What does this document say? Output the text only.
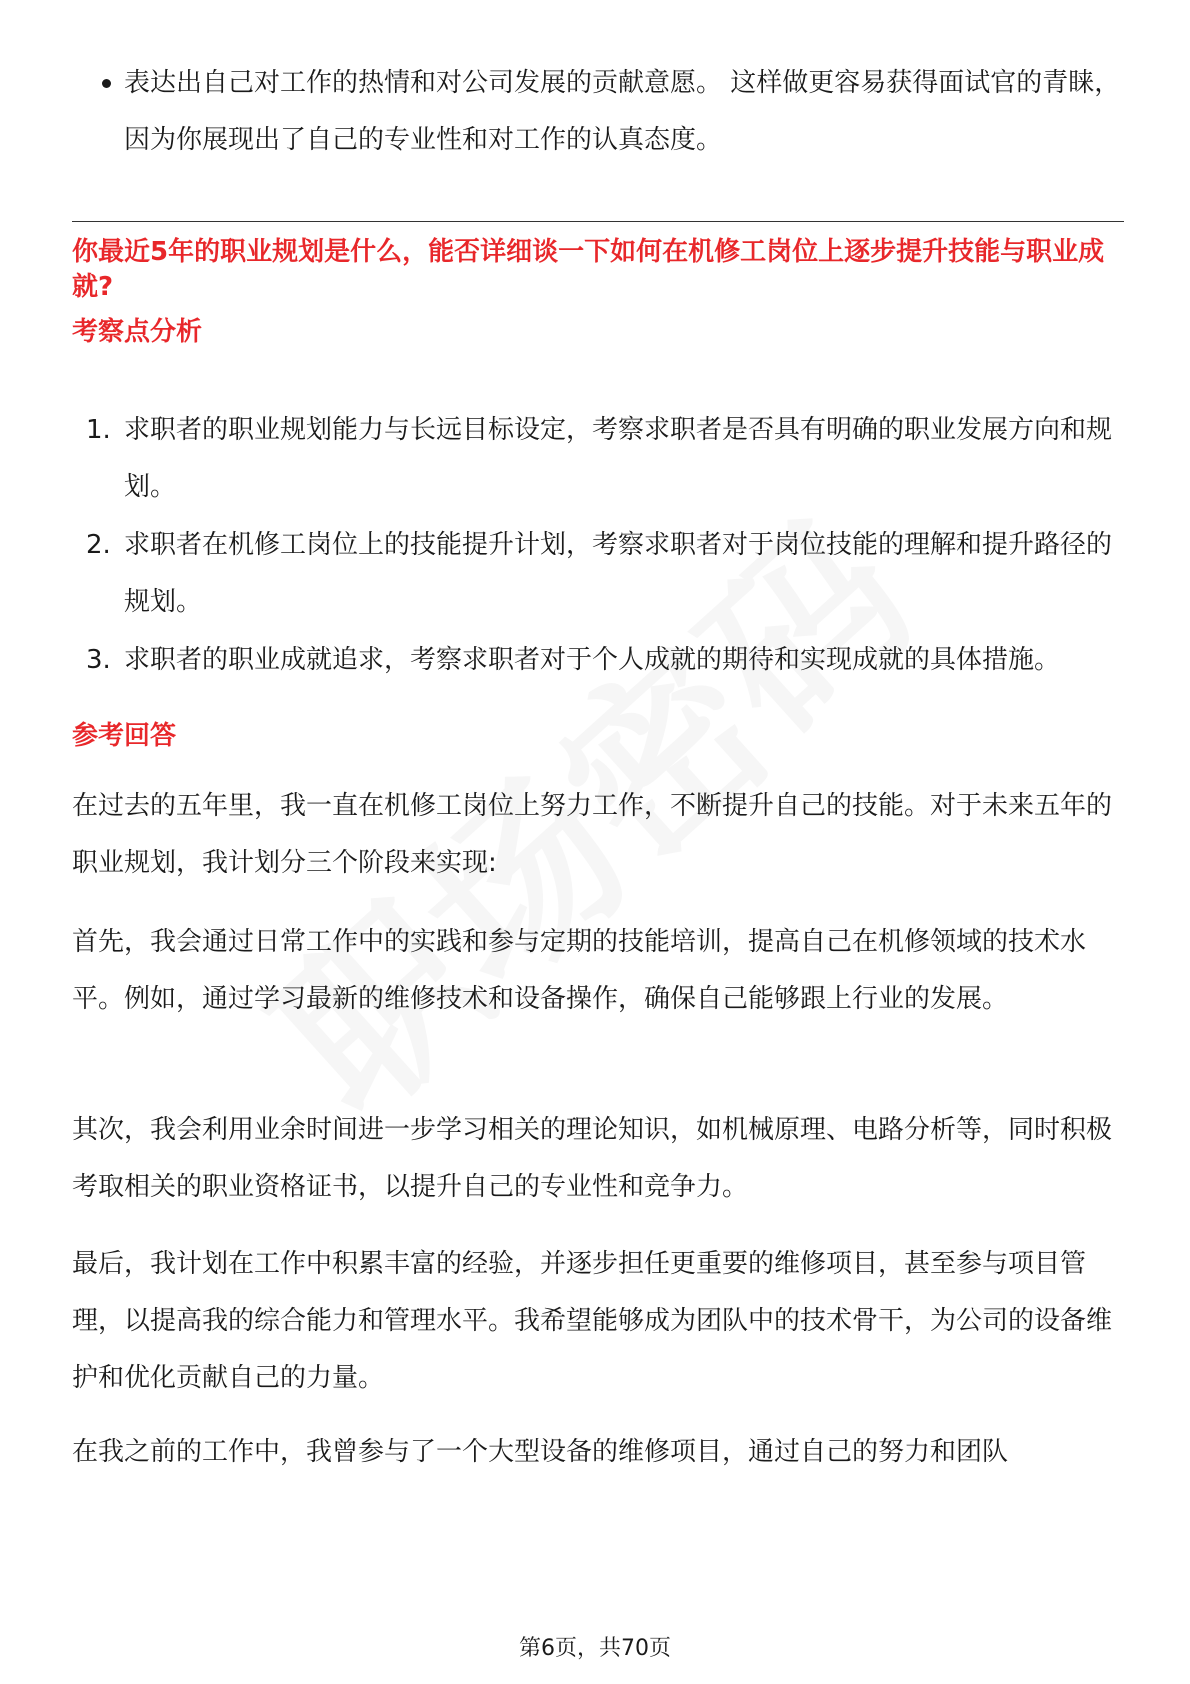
表达出自己对工作的热情和对公司发展的贡献意愿。 这样做更容易获得面试官的青睐，因为你展现出了自己的专业性和对工作的认真态度。

你最近5年的职业规划是什么，能否详细谈一下如何在机修工岗位上逐步提升技能与职业成就?

考察点分析

1. 求职者的职业规划能力与长远目标设定，考察求职者是否具有明确的职业发展方向和规划。

2. 求职者在机修工岗位上的技能提升计划，考察求职者对于岗位技能的理解和提升路径的规划。

3. 求职者的职业成就追求，考察求职者对于个人成就的期待和实现成就的具体措施。

参考回答

在过去的五年里，我一直在机修工岗位上努力工作，不断提升自己的技能。对于未来五年的职业规划，我计划分三个阶段来实现:

首先，我会通过日常工作中的实践和参与定期的技能培训，提高自己在机修领域的技术水平。例如，通过学习最新的维修技术和设备操作，确保自己能够跟上行业的发展。

其次，我会利用业余时间进一步学习相关的理论知识，如机械原理、电路分析等，同时积极考取相关的职业资格证书，以提升自己的专业性和竞争力。

最后，我计划在工作中积累丰富的经验，并逐步担任更重要的维修项目，甚至参与项目管理，以提高我的综合能力和管理水平。我希望能够成为团队中的技术骨干，为公司的设备维护和优化贡献自己的力量。

在我之前的工作中，我曾参与了一个大型设备的维修项目，通过自己的努力和团队

第6页，共70页
